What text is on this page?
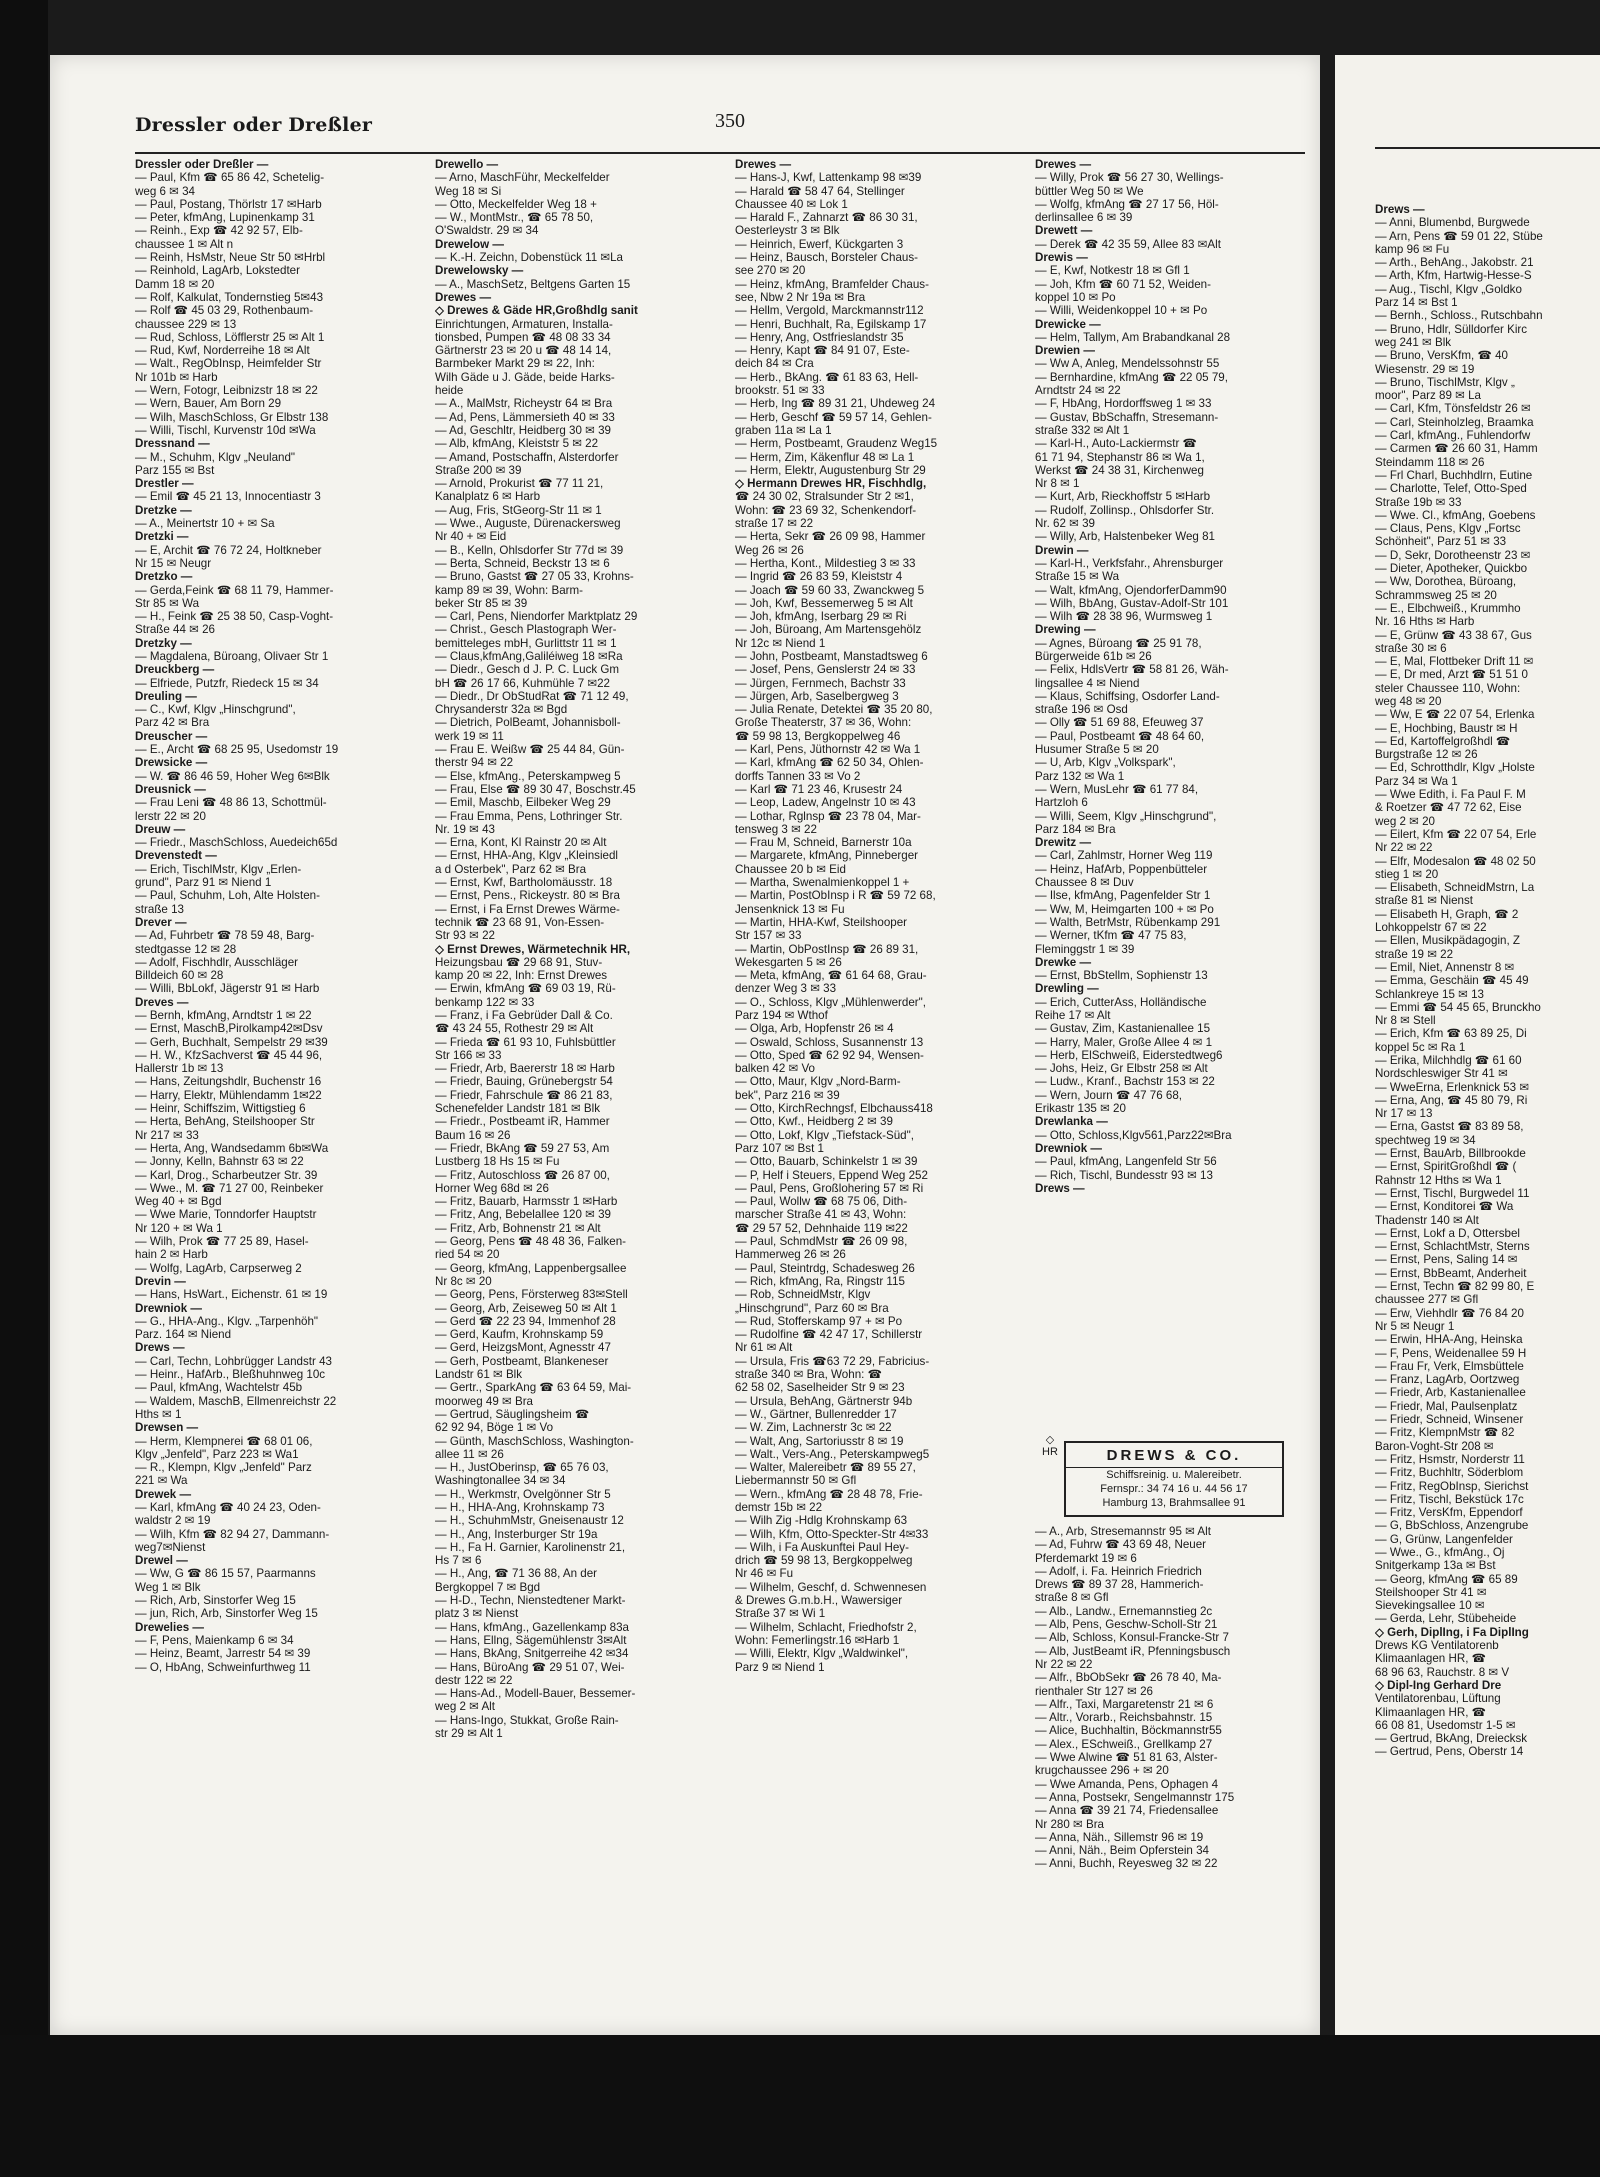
Drews —
— Anni, Blumenbd, Burgwede
— Arn, Pens ☎ 59 01 22, Stübe
kamp 96 ✉ Fu
— Arth., BehAng., Jakobstr. 21
— Arth, Kfm, Hartwig-Hesse-S
— Aug., Tischl, Klgv „Goldko
Parz 14 ✉ Bst 1
— Bernh., Schloss., Rutschbahn
— Bruno, Hdlr, Sülldorfer Kirc
weg 241 ✉ Blk
— Bruno, VersKfm, ☎ 40
Wiesenstr. 29 ✉ 19
— Bruno, TischlMstr, Klgv „
moor", Parz 89 ✉ La
— Carl, Kfm, Tönsfeldstr 26 ✉
— Carl, Steinholzleg, Braamka
— Carl, kfmAng., Fuhlendorfw
— Carmen ☎ 26 60 31, Hamm
Steindamm 118 ✉ 26
— Frl Charl, Buchhdlrn, Eutine
— Charlotte, Telef, Otto-Sped
Straße 19b ✉ 33
— Wwe. Cl., kfmAng, Goebens
— Claus, Pens, Klgv „Fortsc
Schönheit", Parz 51 ✉ 33
— D, Sekr, Dorotheenstr 23 ✉
— Dieter, Apotheker, Quickbo
— Ww, Dorothea, Büroang,
Schrammsweg 25 ✉ 20
— E., Elbchweiß., Krummho
Nr. 16 Hths ✉ Harb
— E, Grünw ☎ 43 38 67, Gus
straße 30 ✉ 6
— E, Mal, Flottbeker Drift 11 ✉
— E, Dr med, Arzt ☎ 51 51 0
steler Chaussee 110, Wohn:
weg 48 ✉ 20
— Ww, E ☎ 22 07 54, Erlenka
— E, Hochbing, Baustr ✉ H
— Ed, Kartoffelgroßhdl ☎
Burgstraße 12 ✉ 26
— Ed, Schrotthdlr, Klgv „Holste
Parz 34 ✉ Wa 1
— Wwe Edith, i. Fa Paul F. M
& Roetzer ☎ 47 72 62, Eise
weg 2 ✉ 20
— Eilert, Kfm ☎ 22 07 54, Erle
Nr 22 ✉ 22
— Elfr, Modesalon ☎ 48 02 50
stieg 1 ✉ 20
— Elisabeth, SchneidMstrn, La
straße 81 ✉ Nienst
— Elisabeth H, Graph, ☎ 2
Lohkoppelstr 67 ✉ 22
— Ellen, Musikpädagogin, Z
straße 19 ✉ 22
— Emil, Niet, Annenstr 8 ✉
— Emma, Geschäin ☎ 45 49
Schlankreye 15 ✉ 13
— Emmi ☎ 54 45 65, Brunckho
Nr 8 ✉ Stell
— Erich, Kfm ☎ 63 89 25, Di
koppel 5c ✉ Ra 1
— Erika, Milchhdlg ☎ 61 60
Nordschleswiger Str 41 ✉
— WweErna, Erlenknick 53 ✉
— Erna, Ang, ☎ 45 80 79, Ri
Nr 17 ✉ 13
— Erna, Gastst ☎ 83 89 58,
spechtweg 19 ✉ 34
— Ernst, BauArb, Billbrookde
— Ernst, SpiritGroßhdl ☎ (
Rahnstr 12 Hths ✉ Wa 1
— Ernst, Tischl, Burgwedel 11
— Ernst, Konditorei ☎ Wa
Thadenstr 140 ✉ Alt
— Ernst, Lokf a D, Ottersbel
— Ernst, SchlachtMstr, Sterns
— Ernst, Pens, Saling 14 ✉
— Ernst, BbBeamt, Anderheit
— Ernst, Techn ☎ 82 99 80, E
chaussee 277 ✉ Gfl
— Erw, Viehhdlr ☎ 76 84 20
Nr 5 ✉ Neugr 1
— Erwin, HHA-Ang, Heinska
— F, Pens, Weidenallee 59 H
— Frau Fr, Verk, Elmsbüttele
— Franz, LagArb, Oortzweg
— Friedr, Arb, Kastanienallee
— Friedr, Mal, Paulsenplatz
— Friedr, Schneid, Winsener
— Fritz, KlempnMstr ☎ 82
Baron-Voght-Str 208 ✉
— Fritz, Hsmstr, Norderstr 11
— Fritz, Buchhltr, Söderblom
— Fritz, RegObInsp, Sierichst
— Fritz, Tischl, Bekstück 17c
— Fritz, VersKfm, Eppendorf
— G, BbSchloss, Anzengrube
— G, Grünw, Langenfelder
— Wwe., G., kfmAng., Oj
Snitgerkamp 13a ✉ Bst
— Georg, kfmAng ☎ 65 89
Steilshooper Str 41 ✉
Sievekingsallee 10 ✉
— Gerda, Lehr, Stübeheide
◇ Gerh, DiplIng, i Fa DiplIng
Drews KG Ventilatorenb
Klimaanlagen HR, ☎
68 96 63, Rauchstr. 8 ✉ V
◇ Dipl-Ing Gerhard Dre
Ventilatorenbau, Lüftung
Klimaanlagen HR, ☎
66 08 81, Usedomstr 1-5 ✉
— Gertrud, BkAng, Dreiecksk
— Gertrud, Pens, Oberstr 14
Dressler oder Dreßler	350
Dressler oder Dreßler —
— Paul, Kfm ☎ 65 86 42, Schetelig-
weg 6 ✉ 34
— Paul, Postang, Thörlstr 17 ✉Harb
— Peter, kfmAng, Lupinenkamp 31
— Reinh., Exp ☎ 42 92 57, Elb-
chaussee 1 ✉ Alt n
— Reinh, HsMstr, Neue Str 50 ✉Hrbl
— Reinhold, LagArb, Lokstedter
Damm 18 ✉ 20
— Rolf, Kalkulat, Tondernstieg 5✉43
— Rolf ☎ 45 03 29, Rothenbaum-
chaussee 229 ✉ 13
— Rud, Schloss, Löfflerstr 25 ✉ Alt 1
— Rud, Kwf, Norderreihe 18 ✉ Alt
— Walt., RegObInsp, Heimfelder Str
Nr 101b ✉ Harb
— Wern, Fotogr, Leibnizstr 18 ✉ 22
— Wern, Bauer, Am Born 29
— Wilh, MaschSchloss, Gr Elbstr 138
— Willi, Tischl, Kurvenstr 10d ✉Wa
Dressnand —
— M., Schuhm, Klgv „Neuland"
Parz 155 ✉ Bst
Drestler —
— Emil ☎ 45 21 13, Innocentiastr 3
Dretzke —
— A., Meinertstr 10 + ✉ Sa
Dretzki —
— E, Archit ☎ 76 72 24, Holtkneber
Nr 15 ✉ Neugr
Dretzko —
— Gerda,Feink ☎ 68 11 79, Hammer-
Str 85 ✉ Wa
— H., Feink ☎ 25 38 50, Casp-Voght-
Straße 44 ✉ 26
Dretzky —
— Magdalena, Büroang, Olivaer Str 1
Dreuckberg —
— Elfriede, Putzfr, Riedeck 15 ✉ 34
Dreuling —
— C., Kwf, Klgv „Hinschgrund",
Parz 42 ✉ Bra
Dreuscher —
— E., Archt ☎ 68 25 95, Usedomstr 19
Drewsicke —
— W. ☎ 86 46 59, Hoher Weg 6✉Blk
Dreusnick —
— Frau Leni ☎ 48 86 13, Schottmül-
lerstr 22 ✉ 20
Dreuw —
— Friedr., MaschSchloss, Auedeich65d
Drevenstedt —
— Erich, TischlMstr, Klgv „Erlen-
grund", Parz 91 ✉ Niend 1
— Paul, Schuhm, Loh, Alte Holsten-
straße 13
Drever —
— Ad, Fuhrbetr ☎ 78 59 48, Barg-
stedtgasse 12 ✉ 28
— Adolf, Fischhdlr, Ausschläger
Billdeich 60 ✉ 28
— Willi, BbLokf, Jägerstr 91 ✉ Harb
Dreves —
— Bernh, kfmAng, Arndtstr 1 ✉ 22
— Ernst, MaschB,Pirolkamp42✉Dsv
— Gerh, Buchhalt, Sempelstr 29 ✉39
— H. W., KfzSachverst ☎ 45 44 96,
Hallerstr 1b ✉ 13
— Hans, Zeitungshdlr, Buchenstr 16
— Harry, Elektr, Mühlendamm 1✉22
— Heinr, Schiffszim, Wittigstieg 6
— Herta, BehAng, Steilshooper Str
Nr 217 ✉ 33
— Herta, Ang, Wandsedamm 6b✉Wa
— Jonny, Kelln, Bahnstr 63 ✉ 22
— Karl, Drog., Scharbeutzer Str. 39
— Wwe., M. ☎ 71 27 00, Reinbeker
Weg 40 + ✉ Bgd
— Wwe Marie, Tonndorfer Hauptstr
Nr 120 + ✉ Wa 1
— Wilh, Prok ☎ 77 25 89, Hasel-
hain 2 ✉ Harb
— Wolfg, LagArb, Carpserweg 2
Drevin —
— Hans, HsWart., Eichenstr. 61 ✉ 19
Drewniok —
— G., HHA-Ang., Klgv. „Tarpenhöh"
Parz. 164 ✉ Niend
Drews —
— Carl, Techn, Lohbrügger Landstr 43
— Heinr., HafArb., Bleßhuhnweg 10c
— Paul, kfmAng, Wachtelstr 45b
— Waldem, MaschB, Ellmenreichstr 22
Hths ✉ 1
Drewsen —
— Herm, Klempnerei ☎ 68 01 06,
Klgv „Jenfeld", Parz 223 ✉ Wa1
— R., Klempn, Klgv „Jenfeld" Parz
221 ✉ Wa
Drewek —
— Karl, kfmAng ☎ 40 24 23, Oden-
waldstr 2 ✉ 19
— Wilh, Kfm ☎ 82 94 27, Dammann-
weg7✉Nienst
Drewel —
— Ww, G ☎ 86 15 57, Paarmanns
Weg 1 ✉ Blk
— Rich, Arb, Sinstorfer Weg 15
— jun, Rich, Arb, Sinstorfer Weg 15
Drewelies —
— F, Pens, Maienkamp 6 ✉ 34
— Heinz, Beamt, Jarrestr 54 ✉ 39
— O, HbAng, Schweinfurthweg 11
Drewello —
— Arno, MaschFühr, Meckelfelder
Weg 18 ✉ Si
— Otto, Meckelfelder Weg 18 +
— W., MontMstr., ☎ 65 78 50,
O'Swaldstr. 29 ✉ 34
Drewelow —
— K.-H. Zeichn, Dobenstück 11 ✉La
Drewelowsky —
— A., MaschSetz, Beltgens Garten 15
Drewes —
◇ Drewes & Gäde HR,Großhdlg sanit
Einrichtungen, Armaturen, Installa-
tionsbed, Pumpen ☎ 48 08 33 34
Gärtnerstr 23 ✉ 20 u ☎ 48 14 14,
Barmbeker Markt 29 ✉ 22, Inh:
Wilh Gäde u J. Gäde, beide Harks-
heide
— A., MalMstr, Richeystr 64 ✉ Bra
— Ad, Pens, Lämmersieth 40 ✉ 33
— Ad, Geschltr, Heidberg 30 ✉ 39
— Alb, kfmAng, Kleiststr 5 ✉ 22
— Amand, Postschaffn, Alsterdorfer
Straße 200 ✉ 39
— Arnold, Prokurist ☎ 77 11 21,
Kanalplatz 6 ✉ Harb
— Aug, Fris, StGeorg-Str 11 ✉ 1
— Wwe., Auguste, Dürenackersweg
Nr 40 + ✉ Eid
— B., Kelln, Ohlsdorfer Str 77d ✉ 39
— Berta, Schneid, Beckstr 13 ✉ 6
— Bruno, Gastst ☎ 27 05 33, Krohns-
kamp 89 ✉ 39, Wohn: Barm-
beker Str 85 ✉ 39
— Carl, Pens, Niendorfer Marktplatz 29
— Christ., Gesch Plastograph Wer-
bemitteleges mbH, Gurlittstr 11 ✉ 1
— Claus,kfmAng,Galiléiweg 18 ✉Ra
— Diedr., Gesch d J. P. C. Luck Gm
bH ☎ 26 17 66, Kuhmühle 7 ✉22
— Diedr., Dr ObStudRat ☎ 71 12 49,
Chrysanderstr 32a ✉ Bgd
— Dietrich, PolBeamt, Johannisboll-
werk 19 ✉ 11
— Frau E. Weißw ☎ 25 44 84, Gün-
therstr 94 ✉ 22
— Else, kfmAng., Peterskampweg 5
— Frau, Else ☎ 89 30 47, Boschstr.45
— Emil, Maschb, Eilbeker Weg 29
— Frau Emma, Pens, Lothringer Str.
Nr. 19 ✉ 43
— Erna, Kont, Kl Rainstr 20 ✉ Alt
— Ernst, HHA-Ang, Klgv „Kleinsiedl
a d Osterbek", Parz 62 ✉ Bra
— Ernst, Kwf, Bartholomäusstr. 18
— Ernst, Pens., Rickeystr. 80 ✉ Bra
— Ernst, i Fa Ernst Drewes Wärme-
technik ☎ 23 68 91, Von-Essen-
Str 93 ✉ 22
◇ Ernst Drewes, Wärmetechnik HR,
Heizungsbau ☎ 29 68 91, Stuv-
kamp 20 ✉ 22, Inh: Ernst Drewes
— Erwin, kfmAng ☎ 69 03 19, Rü-
benkamp 122 ✉ 33
— Franz, i Fa Gebrüder Dall & Co.
☎ 43 24 55, Rothestr 29 ✉ Alt
— Frieda ☎ 61 93 10, Fuhlsbüttler
Str 166 ✉ 33
— Friedr, Arb, Baererstr 18 ✉ Harb
— Friedr, Bauing, Grünebergstr 54
— Friedr, Fahrschule ☎ 86 21 83,
Schenefelder Landstr 181 ✉ Blk
— Friedr., Postbeamt iR, Hammer
Baum 16 ✉ 26
— Friedr, BkAng ☎ 59 27 53, Am
Lustberg 18 Hs 15 ✉ Fu
— Fritz, Autoschloss ☎ 26 87 00,
Horner Weg 68d ✉ 26
— Fritz, Bauarb, Harmsstr 1 ✉Harb
— Fritz, Ang, Bebelallee 120 ✉ 39
— Fritz, Arb, Bohnenstr 21 ✉ Alt
— Georg, Pens ☎ 48 48 36, Falken-
ried 54 ✉ 20
— Georg, kfmAng, Lappenbergsallee
Nr 8c ✉ 20
— Georg, Pens, Försterweg 83✉Stell
— Georg, Arb, Zeiseweg 50 ✉ Alt 1
— Gerd ☎ 22 23 94, Immenhof 28
— Gerd, Kaufm, Krohnskamp 59
— Gerd, HeizgsMont, Agnesstr 47
— Gerh, Postbeamt, Blankeneser
Landstr 61 ✉ Blk
— Gertr., SparkAng ☎ 63 64 59, Mai-
moorweg 49 ✉ Bra
— Gertrud, Säuglingsheim ☎
62 92 94, Böge 1 ✉ Vo
— Günth, MaschSchloss, Washington-
allee 11 ✉ 26
— H., JustOberinsp, ☎ 65 76 03,
Washingtonallee 34 ✉ 34
— H., Werkmstr, Ovelgönner Str 5
— H., HHA-Ang, Krohnskamp 73
— H., SchuhmMstr, Gneisenaustr 12
— H., Ang, Insterburger Str 19a
— H., Fa H. Garnier, Karolinenstr 21,
Hs 7 ✉ 6
— H., Ang, ☎ 71 36 88, An der
Bergkoppel 7 ✉ Bgd
— H-D., Techn, Nienstedtener Markt-
platz 3 ✉ Nienst
— Hans, kfmAng., Gazellenkamp 83a
— Hans, Ellng, Sägemühlenstr 3✉Alt
— Hans, BkAng, Snitgerreihe 42 ✉34
— Hans, BüroAng ☎ 29 51 07, Wei-
destr 122 ✉ 22
— Hans-Ad., Modell-Bauer, Bessemer-
weg 2 ✉ Alt
— Hans-Ingo, Stukkat, Große Rain-
str 29 ✉ Alt 1
Drewes —
— Hans-J, Kwf, Lattenkamp 98 ✉39
— Harald ☎ 58 47 64, Stellinger
Chaussee 40 ✉ Lok 1
— Harald F., Zahnarzt ☎ 86 30 31,
Oesterleystr 3 ✉ Blk
— Heinrich, Ewerf, Kückgarten 3
— Heinz, Bausch, Borsteler Chaus-
see 270 ✉ 20
— Heinz, kfmAng, Bramfelder Chaus-
see, Nbw 2 Nr 19a ✉ Bra
— Hellm, Vergold, Marckmannstr112
— Henri, Buchhalt, Ra, Egilskamp 17
— Henry, Ang, Ostfrieslandstr 35
— Henry, Kapt ☎ 84 91 07, Este-
deich 84 ✉ Cra
— Herb., BkAng. ☎ 61 83 63, Hell-
brookstr. 51 ✉ 33
— Herb, Ing ☎ 89 31 21, Uhdeweg 24
— Herb, Geschf ☎ 59 57 14, Gehlen-
graben 11a ✉ La 1
— Herm, Postbeamt, Graudenz Weg15
— Herm, Zim, Käkenflur 48 ✉ La 1
— Herm, Elektr, Augustenburg Str 29
◇ Hermann Drewes HR, Fischhdlg,
☎ 24 30 02, Stralsunder Str 2 ✉1,
Wohn: ☎ 23 69 32, Schenkendorf-
straße 17 ✉ 22
— Herta, Sekr ☎ 26 09 98, Hammer
Weg 26 ✉ 26
— Hertha, Kont., Mildestieg 3 ✉ 33
— Ingrid ☎ 26 83 59, Kleiststr 4
— Joach ☎ 59 60 33, Zwanckweg 5
— Joh, Kwf, Bessemerweg 5 ✉ Alt
— Joh, kfmAng, Iserbarg 29 ✉ Ri
— Joh, Büroang, Am Martensgehölz
Nr 12c ✉ Niend 1
— John, Postbeamt, Manstadtsweg 6
— Josef, Pens, Genslerstr 24 ✉ 33
— Jürgen, Fernmech, Bachstr 33
— Jürgen, Arb, Saselbergweg 3
— Julia Renate, Detektei ☎ 35 20 80,
Große Theaterstr, 37 ✉ 36, Wohn:
☎ 59 98 13, Bergkoppelweg 46
— Karl, Pens, Jüthornstr 42 ✉ Wa 1
— Karl, kfmAng ☎ 62 50 34, Ohlen-
dorffs Tannen 33 ✉ Vo 2
— Karl ☎ 71 23 46, Krusestr 24
— Leop, Ladew, Angelnstr 10 ✉ 43
— Lothar, Rglnsp ☎ 23 78 04, Mar-
tensweg 3 ✉ 22
— Frau M, Schneid, Barnerstr 10a
— Margarete, kfmAng, Pinneberger
Chaussee 20 b ✉ Eid
— Martha, Swenalmienkoppel 1 +
— Martin, PostObInsp i R ☎ 59 72 68,
Jensenknick 13 ✉ Fu
— Martin, HHA-Kwf, Steilshooper
Str 157 ✉ 33
— Martin, ObPostInsp ☎ 26 89 31,
Wekesgarten 5 ✉ 26
— Meta, kfmAng, ☎ 61 64 68, Grau-
denzer Weg 3 ✉ 33
— O., Schloss, Klgv „Mühlenwerder",
Parz 194 ✉ Wthof
— Olga, Arb, Hopfenstr 26 ✉ 4
— Oswald, Schloss, Susannenstr 13
— Otto, Sped ☎ 62 92 94, Wensen-
balken 42 ✉ Vo
— Otto, Maur, Klgv „Nord-Barm-
bek", Parz 216 ✉ 39
— Otto, KirchRechngsf, Elbchauss418
— Otto, Kwf., Heidberg 2 ✉ 39
— Otto, Lokf, Klgv „Tiefstack-Süd",
Parz 107 ✉ Bst 1
— Otto, Bauarb, Schinkelstr 1 ✉ 39
— P, Helf i Steuers, Eppend Weg 252
— Paul, Pens, Großlohering 57 ✉ Ri
— Paul, Wollw ☎ 68 75 06, Dith-
marscher Straße 41 ✉ 43, Wohn:
☎ 29 57 52, Dehnhaide 119 ✉22
— Paul, SchmdMstr ☎ 26 09 98,
Hammerweg 26 ✉ 26
— Paul, Steintrdg, Schadesweg 26
— Rich, kfmAng, Ra, Ringstr 115
— Rob, SchneidMstr, Klgv
„Hinschgrund", Parz 60 ✉ Bra
— Rud, Stofferskamp 97 + ✉ Po
— Rudolfine ☎ 42 47 17, Schillerstr
Nr 61 ✉ Alt
— Ursula, Fris ☎63 72 29, Fabricius-
straße 340 ✉ Bra, Wohn: ☎
62 58 02, Saselheider Str 9 ✉ 23
— Ursula, BehAng, Gärtnerstr 94b
— W., Gärtner, Bullenredder 17
— W. Zim, Lachnerstr 3c ✉ 22
— Walt, Ang, Sartoriusstr 8 ✉ 19
— Walt., Vers-Ang., Peterskampweg5
— Walter, Malereibetr ☎ 89 55 27,
Liebermannstr 50 ✉ Gfl
— Wern., kfmAng ☎ 28 48 78, Frie-
demstr 15b ✉ 22
— Wilh Zig -Hdlg Krohnskamp 63
— Wilh, Kfm, Otto-Speckter-Str 4✉33
— Wilh, i Fa Auskunftei Paul Hey-
drich ☎ 59 98 13, Bergkoppelweg
Nr 46 ✉ Fu
— Wilhelm, Geschf, d. Schwennesen
& Drewes G.m.b.H., Wawersiger
Straße 37 ✉ Wi 1
— Wilhelm, Schlacht, Friedhofstr 2,
Wohn: Femerlingstr.16 ✉Harb 1
— Willi, Elektr, Klgv „Waldwinkel",
Parz 9 ✉ Niend 1
Drewes —
— Willy, Prok ☎ 56 27 30, Wellings-
büttler Weg 50 ✉ We
— Wolfg, kfmAng ☎ 27 17 56, Höl-
derlinsallee 6 ✉ 39
Drewett —
— Derek ☎ 42 35 59, Allee 83 ✉Alt
Drewis —
— E, Kwf, Notkestr 18 ✉ Gfl 1
— Joh, Kfm ☎ 60 71 52, Weiden-
koppel 10 ✉ Po
— Willi, Weidenkoppel 10 + ✉ Po
Drewicke —
— Helm, Tallym, Am Brabandkanal 28
Drewien —
— Ww A, Anleg, Mendelssohnstr 55
— Bernhardine, kfmAng ☎ 22 05 79,
Arndtstr 24 ✉ 22
— F, HbAng, Hordorffsweg 1 ✉ 33
— Gustav, BbSchaffn, Stresemann-
straße 332 ✉ Alt 1
— Karl-H., Auto-Lackiermstr ☎
61 71 94, Stephanstr 86 ✉ Wa 1,
Werkst ☎ 24 38 31, Kirchenweg
Nr 8 ✉ 1
— Kurt, Arb, Rieckhoffstr 5 ✉Harb
— Rudolf, Zollinsp., Ohlsdorfer Str.
Nr. 62 ✉ 39
— Willy, Arb, Halstenbeker Weg 81
Drewin —
— Karl-H., Verkfsfahr., Ahrensburger
Straße 15 ✉ Wa
— Walt, kfmAng, OjendorferDamm90
— Wilh, BbAng, Gustav-Adolf-Str 101
— Wilh ☎ 28 38 96, Wurmsweg 1
Drewing —
— Agnes, Büroang ☎ 25 91 78,
Bürgerweide 61b ✉ 26
— Felix, HdlsVertr ☎ 58 81 26, Wäh-
lingsallee 4 ✉ Niend
— Klaus, Schiffsing, Osdorfer Land-
straße 196 ✉ Osd
— Olly ☎ 51 69 88, Efeuweg 37
— Paul, Postbeamt ☎ 48 64 60,
Husumer Straße 5 ✉ 20
— U, Arb, Klgv „Volkspark",
Parz 132 ✉ Wa 1
— Wern, MusLehr ☎ 61 77 84,
Hartzloh 6
— Willi, Seem, Klgv „Hinschgrund",
Parz 184 ✉ Bra
Drewitz —
— Carl, Zahlmstr, Horner Weg 119
— Heinz, HafArb, Poppenbütteler
Chaussee 8 ✉ Duv
— Ilse, kfmAng, Pagenfelder Str 1
— Ww, M, Heimgarten 100 + ✉ Po
— Walth, BetrMstr, Rübenkamp 291
— Werner, tKfm ☎ 47 75 83,
Fleminggstr 1 ✉ 39
Drewke —
— Ernst, BbStellm, Sophienstr 13
Drewling —
— Erich, CutterAss, Holländische
Reihe 17 ✉ Alt
— Gustav, Zim, Kastanienallee 15
— Harry, Maler, Große Allee 4 ✉ 1
— Herb, ElSchweiß, Eiderstedtweg6
— Johs, Heiz, Gr Elbstr 258 ✉ Alt
— Ludw., Kranf., Bachstr 153 ✉ 22
— Wern, Journ ☎ 47 76 68,
Erikastr 135 ✉ 20
Drewlanka —
— Otto, Schloss,Klgv561,Parz22✉Bra
Drewniok —
— Paul, kfmAng, Langenfeld Str 56
— Rich, Tischl, Bundesstr 93 ✉ 13
Drews —
— A., Arb, Stresemannstr 95 ✉ Alt
— Ad, Fuhrw ☎ 43 69 48, Neuer
Pferdemarkt 19 ✉ 6
— Adolf, i. Fa. Heinrich Friedrich
Drews ☎ 89 37 28, Hammerich-
straße 8 ✉ Gfl
— Alb., Landw., Ernemannstieg 2c
— Alb, Pens, Geschw-Scholl-Str 21
— Alb, Schloss, Konsul-Francke-Str 7
— Alb, JustBeamt iR, Pfenningsbusch
Nr 22 ✉ 22
— Alfr., BbObSekr ☎ 26 78 40, Ma-
rienthaler Str 127 ✉ 26
— Alfr., Taxi, Margaretenstr 21 ✉ 6
— Altr., Vorarb., Reichsbahnstr. 15
— Alice, Buchhaltin, Böckmannstr55
— Alex., ESchweiß., Grellkamp 27
— Wwe Alwine ☎ 51 81 63, Alster-
krugchaussee 296 + ✉ 20
— Wwe Amanda, Pens, Ophagen 4
— Anna, Postsekr, Sengelmannstr 175
— Anna ☎ 39 21 74, Friedensallee
Nr 280 ✉ Bra
— Anna, Näh., Sillemstr 96 ✉ 19
— Anni, Näh., Beim Opferstein 34
— Anni, Buchh, Reyesweg 32 ✉ 22
◇ HR	DREWS & CO.
Schiffsreinig. u. Malereibetr.
Fernspr.: 34 74 16 u. 44 56 17
Hamburg 13, Brahmsallee 91
